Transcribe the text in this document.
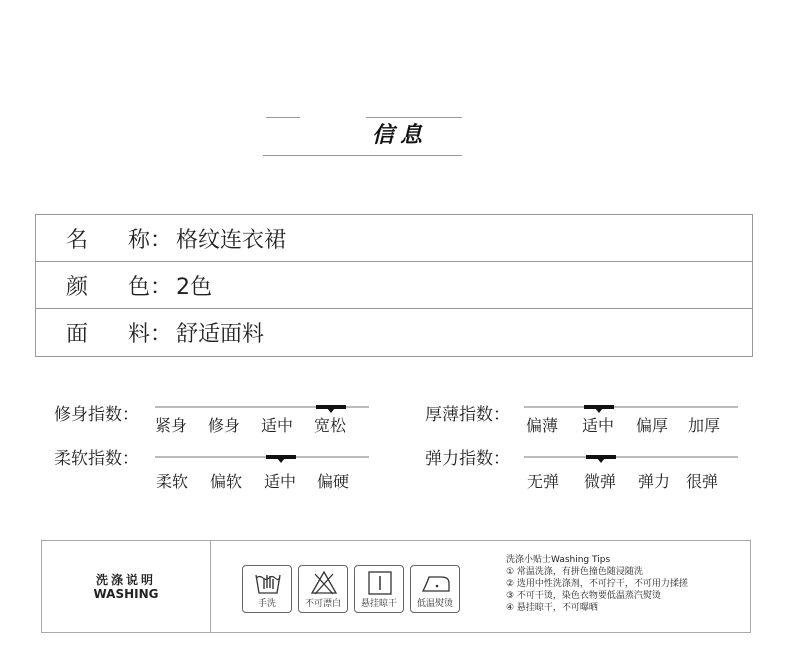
信息
名 称： 格纹连衣裙
颜 色： 2色
面 料： 舒适面料
修身指数：
紧身 修身 适中 宽松
柔软指数：
柔软 偏软 适中 偏硬
厚薄指数：
偏薄 适中 偏厚 加厚
弹力指数：
无弹 微弹 弹力 很弹
洗涤说明
WASHING
手洗	不可漂白	悬挂晾干	低温熨烫
洗涤小贴士Washing Tips
① 常温洗涤，有拼色撞色随浸随洗
② 选用中性洗涤剂，不可拧干，不可用力揉搓
③ 不可干烫，染色衣物要低温蒸汽熨烫
④ 悬挂晾干，不可曝晒
